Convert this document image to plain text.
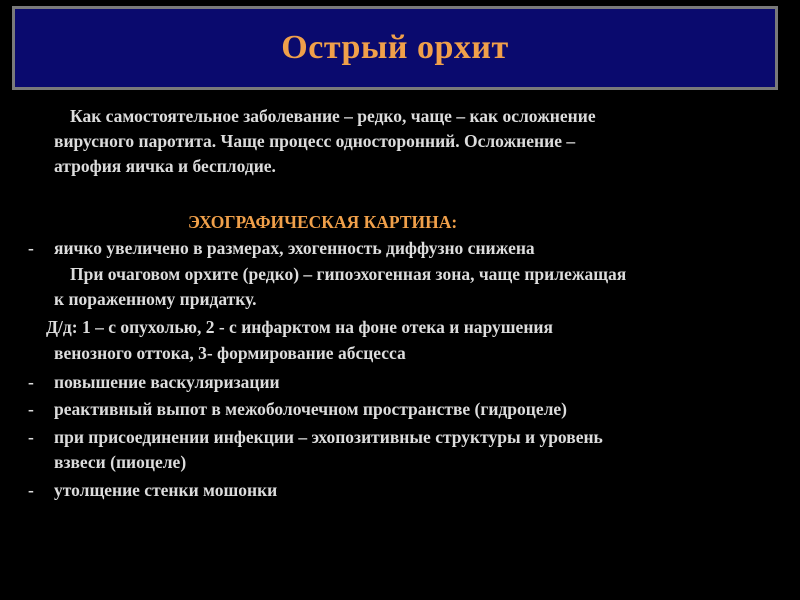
Острый орхит
Как самостоятельное заболевание – редко, чаще – как осложнение
вирусного паротита. Чаще процесс односторонний. Осложнение –
атрофия яичка и бесплодие.
ЭХОГРАФИЧЕСКАЯ КАРТИНА:
- яичко увеличено в размерах, эхогенность диффузно снижена
При очаговом орхите (редко) – гипоэхогенная зона, чаще прилежащая
к пораженному придатку.
Д/д: 1 – с опухолью, 2 - с инфарктом на фоне отека и нарушения
венозного оттока, 3- формирование абсцесса
- повышение васкуляризации
- реактивный выпот в межоболочечном пространстве (гидроцеле)
- при присоединении инфекции – эхопозитивные структуры и уровень
взвеси (пиоцеле)
- утолщение стенки мошонки
